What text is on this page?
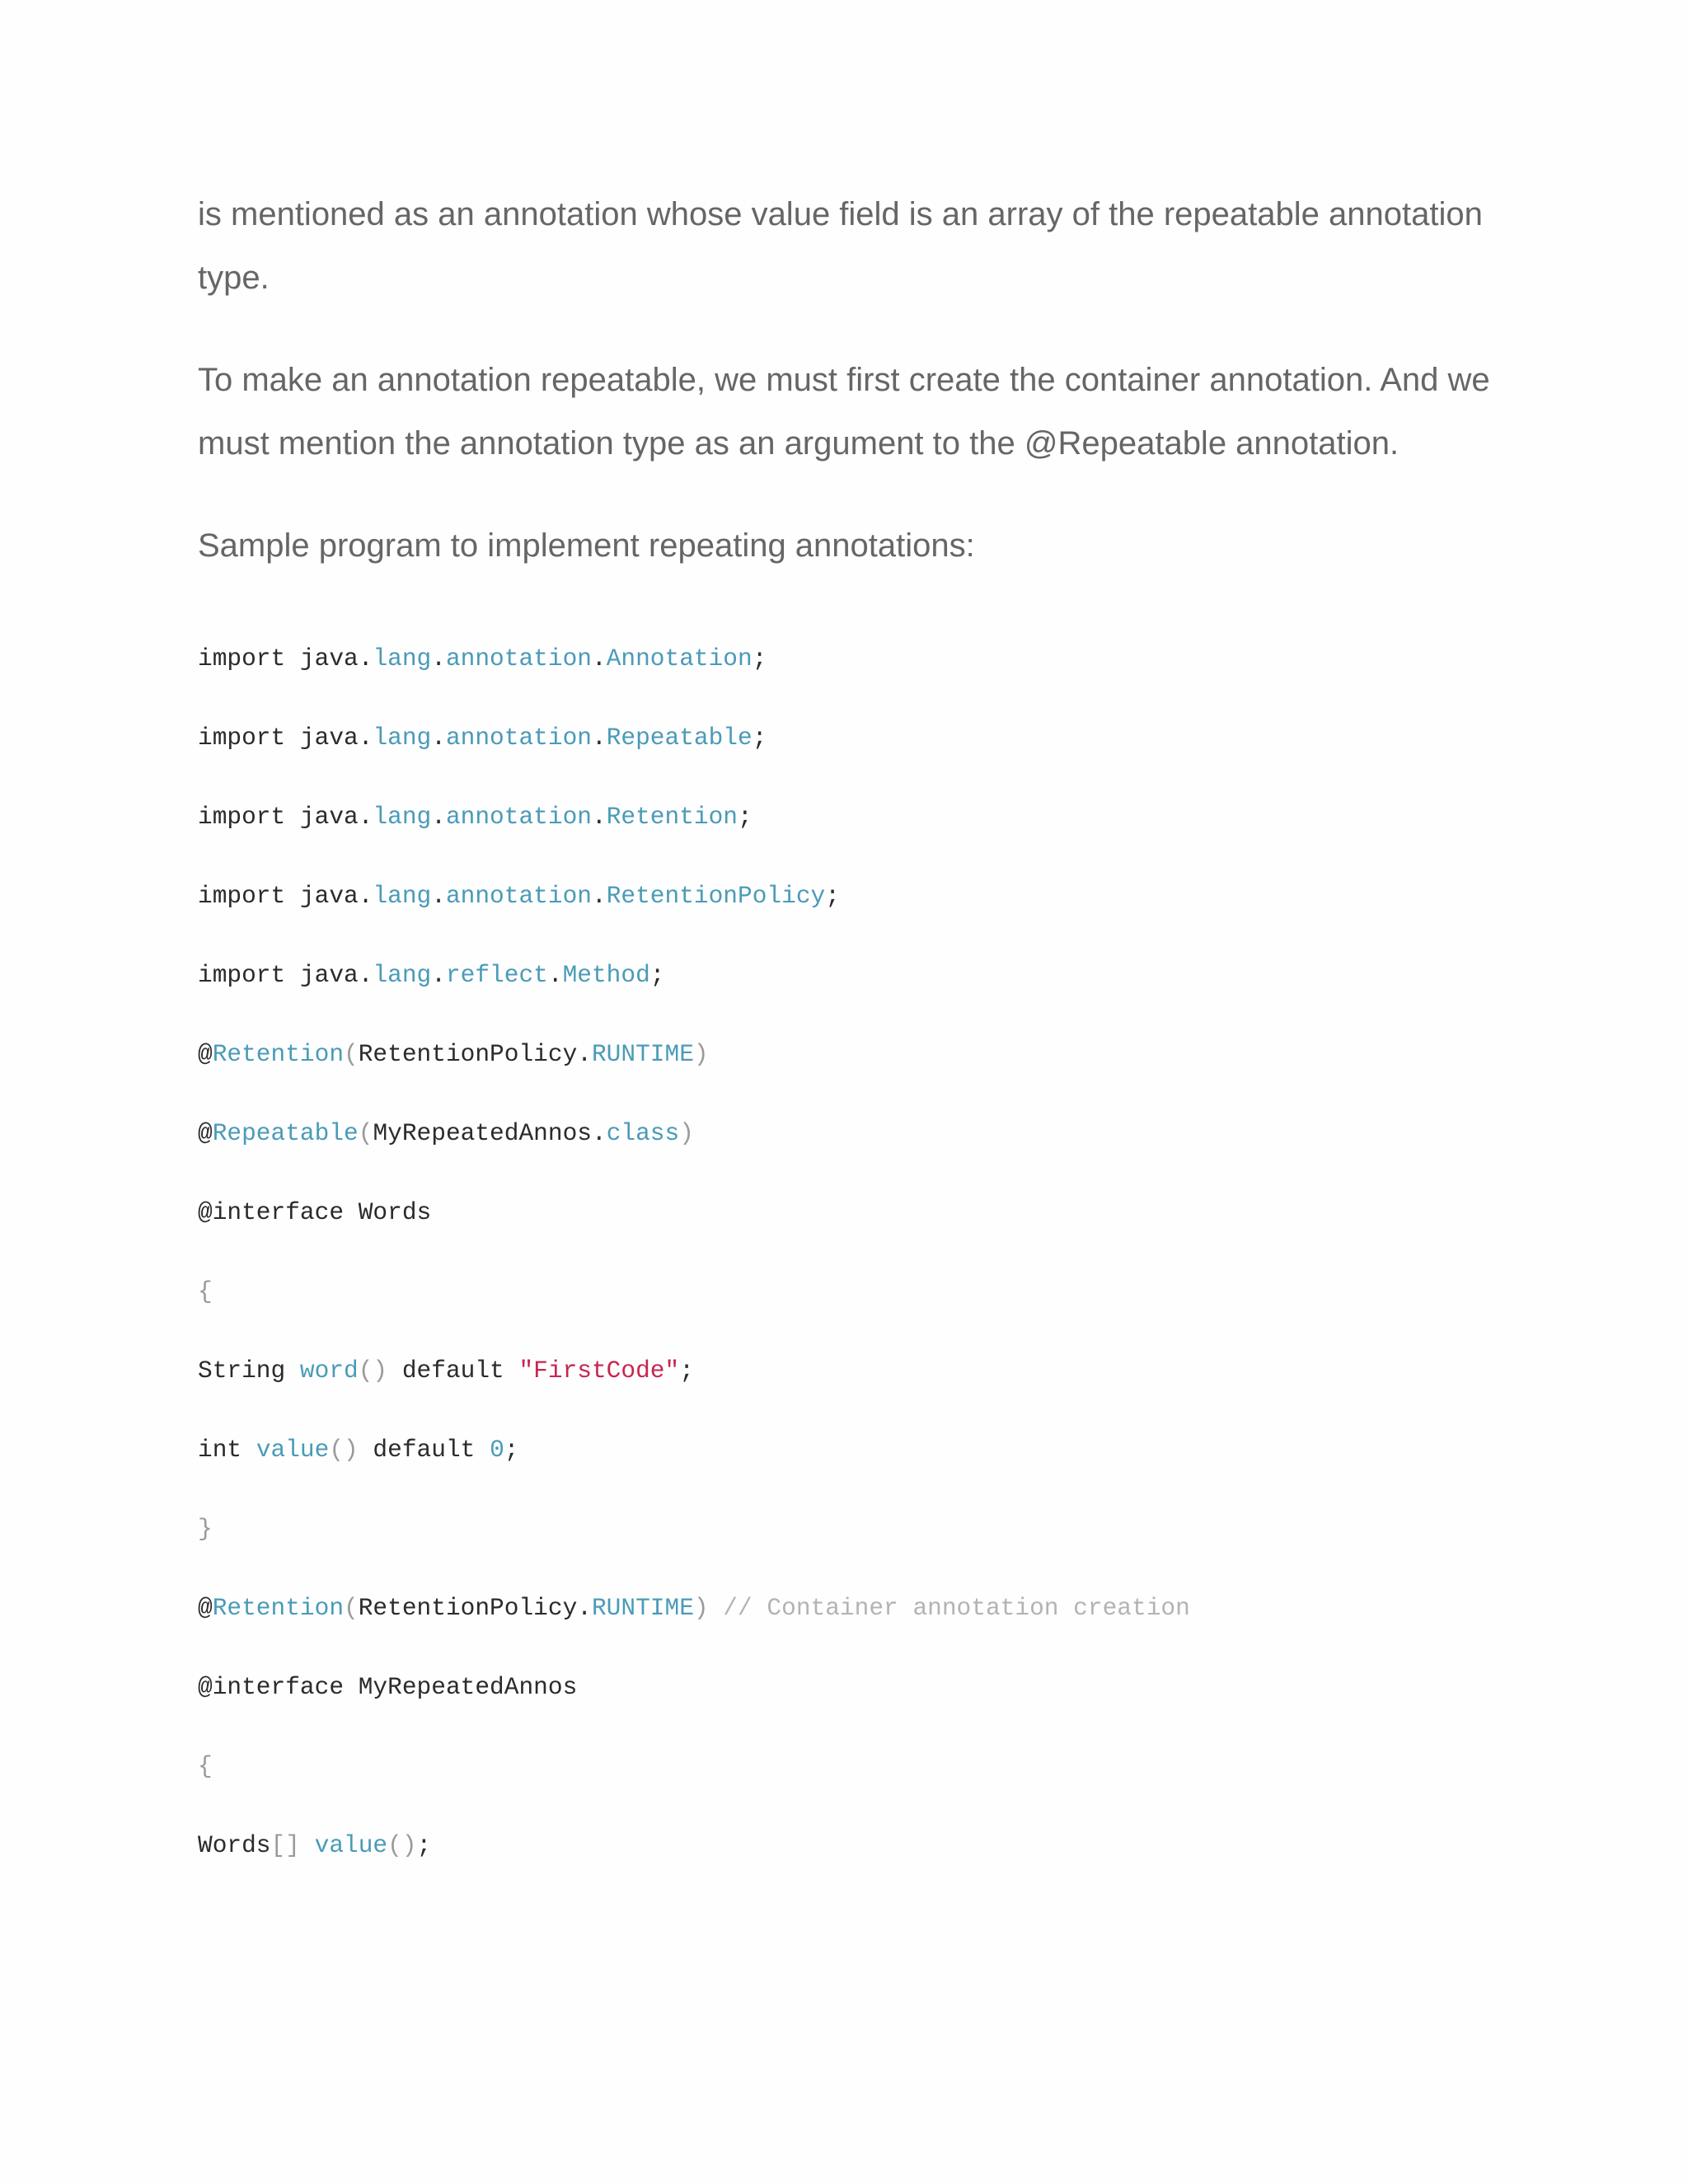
is mentioned as an annotation whose value field is an array of the repeatable annotation type.

To make an annotation repeatable, we must first create the container annotation. And we must mention the annotation type as an argument to the @Repeatable annotation.

Sample program to implement repeating annotations:

import java.lang.annotation.Annotation;
import java.lang.annotation.Repeatable;
import java.lang.annotation.Retention;
import java.lang.annotation.RetentionPolicy;
import java.lang.reflect.Method;
@Retention(RetentionPolicy.RUNTIME)
@Repeatable(MyRepeatedAnnos.class)
@interface Words
{
String word() default "FirstCode";
int value() default 0;
}
@Retention(RetentionPolicy.RUNTIME) // Container annotation creation
@interface MyRepeatedAnnos
{
Words[] value();
